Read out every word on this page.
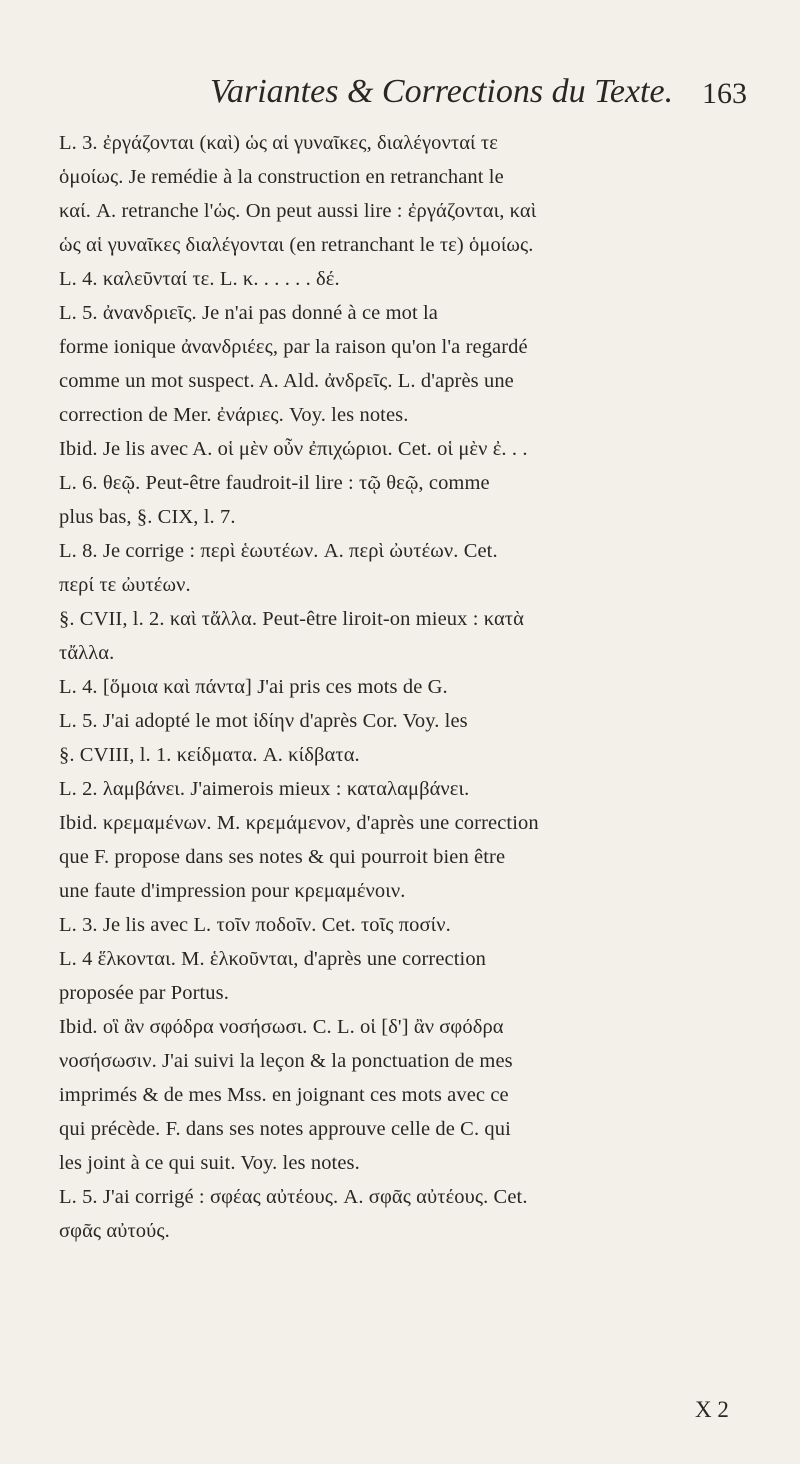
Variantes & Corrections du Texte. 163
L. 3. ἐργάζονται (καὶ) ὡς αἱ γυναῖκες, διαλέγονταί τε
ὁμοίως. Je remédie à la construction en retranchant le
καί. A. retranche l'ὡς. On peut aussi lire : ἐργάζονται, καὶ
ὡς αἱ γυναῖκες διαλέγονται (en retranchant le τε) ὁμοίως.
L. 4. καλεῦνταί τε. L. κ. . . . . . δέ.
L. 5. ἀνανδριεῖς. Je n'ai pas donné à ce mot la
forme ionique ἀνανδριέες, par la raison qu'on l'a regardé
comme un mot suspect. A. Ald. ἀνδρεῖς. L. d'après une
correction de Mer. ἐνάριες. Voy. les notes.
Ibid. Je lis avec A. οἱ μὲν οὖν ἐπιχώριοι. Cet. οἱ μὲν ἐ. . .
L. 6. θεῷ. Peut-être faudroit-il lire : τῷ θεῷ, comme
plus bas, §. CIX, l. 7.
L. 8. Je corrige : περὶ ἑωυτέων. A. περὶ ὠυτέων. Cet.
περί τε ὠυτέων.
§. CVII, l. 2. καὶ τἄλλα. Peut-être liroit-on mieux : κατὰ
τἄλλα.
L. 4. [ὅμοια καὶ πάντα] J'ai pris ces mots de G.
L. 5. J'ai adopté le mot ἰδίην d'après Cor. Voy. les
§. CVIII, l. 1. κείδματα. A. κίδβατα.
L. 2. λαμβάνει. J'aimerois mieux : καταλαμβάνει.
Ibid. κρεμαμένων. M. κρεμάμενον, d'après une correction
que F. propose dans ses notes & qui pourroit bien être
une faute d'impression pour κρεμαμένοιν.
L. 3. Je lis avec L. τοῖν ποδοῖν. Cet. τοῖς ποσίν.
L. 4 ἕλκονται. M. ἑλκοῦνται, d'après une correction
proposée par Portus.
Ibid. οἳ ἂν σφόδρα νοσήσωσι. C. L. οἱ [δ'] ἂν σφόδρα
νοσήσωσιν. J'ai suivi la leçon & la ponctuation de mes
imprimés & de mes Mss. en joignant ces mots avec ce
qui précède. F. dans ses notes approuve celle de C. qui
les joint à ce qui suit. Voy. les notes.
L. 5. J'ai corrigé : σφέας αὐτέους. A. σφᾶς αὐτέους. Cet.
σφᾶς αὐτούς.
X 2
